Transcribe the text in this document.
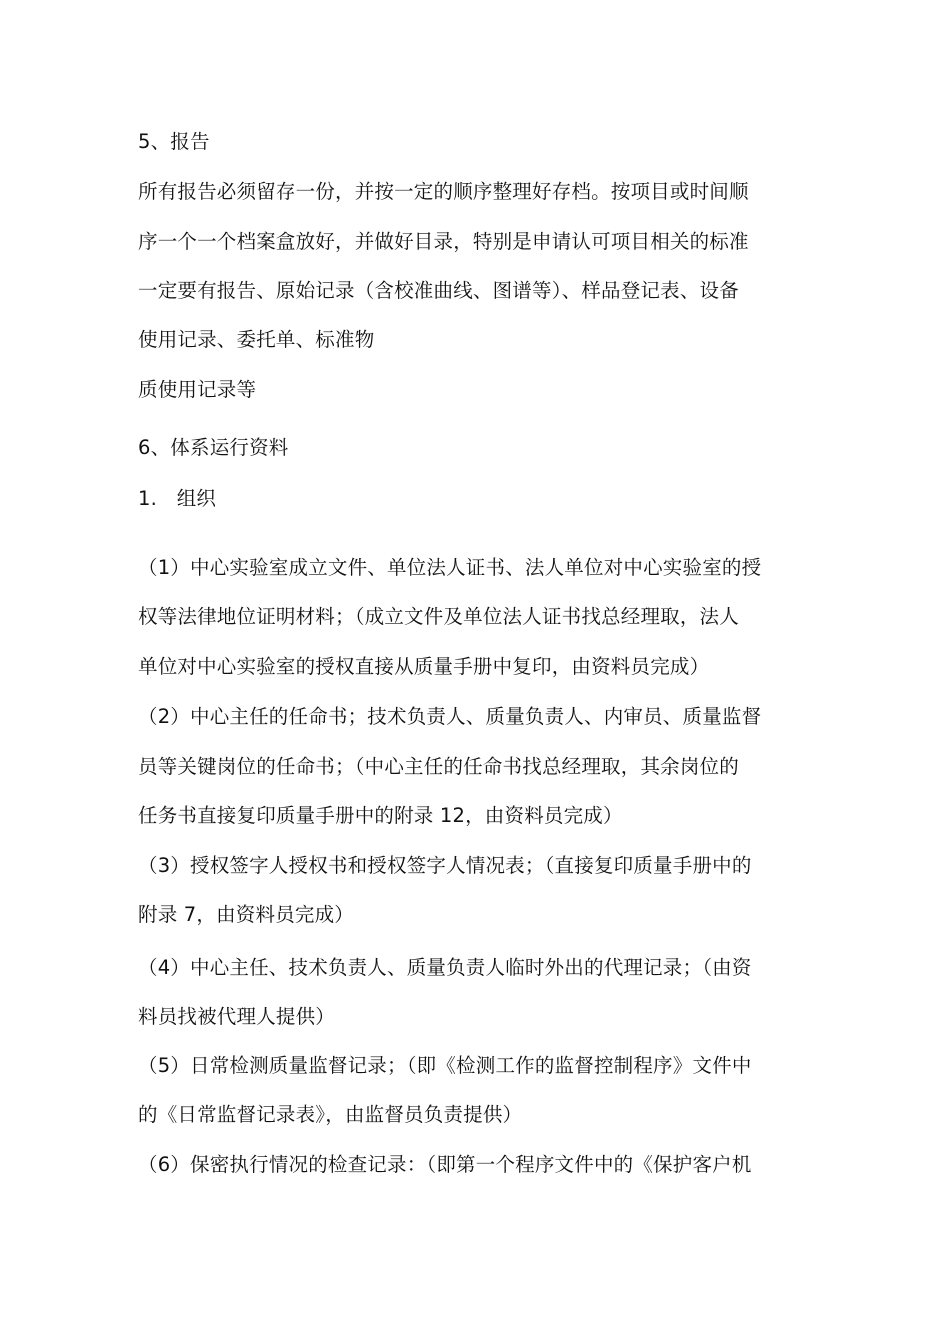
5、报告
所有报告必须留存一份，并按一定的顺序整理好存档。按项目或时间顺
序一个一个档案盒放好，并做好目录，特别是申请认可项目相关的标准
一定要有报告、原始记录（含校准曲线、图谱等）、样品登记表、设备
使用记录、委托单、标准物
质使用记录等
6、体系运行资料
1.　组织
（1）中心实验室成立文件、单位法人证书、法人单位对中心实验室的授
权等法律地位证明材料；（成立文件及单位法人证书找总经理取，法人
单位对中心实验室的授权直接从质量手册中复印，由资料员完成）
（2）中心主任的任命书；技术负责人、质量负责人、内审员、质量监督
员等关键岗位的任命书；（中心主任的任命书找总经理取，其余岗位的
任务书直接复印质量手册中的附录 12，由资料员完成）
（3）授权签字人授权书和授权签字人情况表；（直接复印质量手册中的
附录 7，由资料员完成）
（4）中心主任、技术负责人、质量负责人临时外出的代理记录；（由资
料员找被代理人提供）
（5）日常检测质量监督记录；（即《检测工作的监督控制程序》文件中
的《日常监督记录表》，由监督员负责提供）
（6）保密执行情况的检查记录：（即第一个程序文件中的《保护客户机
